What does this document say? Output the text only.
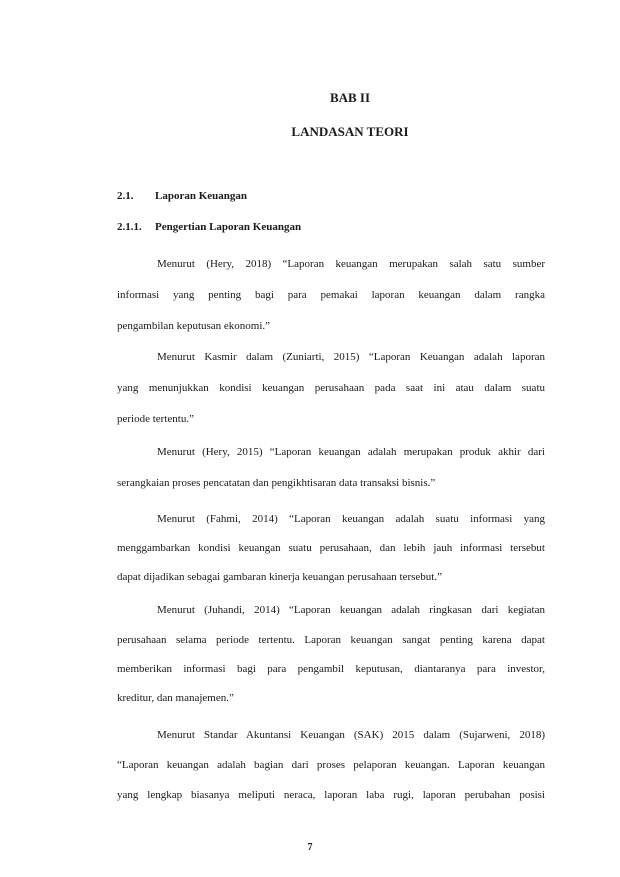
BAB II
LANDASAN TEORI
2.1. Laporan Keuangan
2.1.1. Pengertian Laporan Keuangan
Menurut (Hery, 2018) “Laporan keuangan merupakan salah satu sumber
informasi yang penting bagi para pemakai laporan keuangan dalam rangka
pengambilan keputusan ekonomi.”
Menurut Kasmir dalam (Zuniarti, 2015) “Laporan Keuangan adalah laporan
yang menunjukkan kondisi keuangan perusahaan pada saat ini atau dalam suatu
periode tertentu.”
Menurut (Hery, 2015) “Laporan keuangan adalah merupakan produk akhir dari
serangkaian proses pencatatan dan pengikhtisaran data transaksi bisnis.”
Menurut (Fahmi, 2014) “Laporan keuangan adalah suatu informasi yang
menggambarkan kondisi keuangan suatu perusahaan, dan lebih jauh informasi tersebut
dapat dijadikan sebagai gambaran kinerja keuangan perusahaan tersebut.”
Menurut (Juhandi, 2014) “Laporan keuangan adalah ringkasan dari kegiatan
perusahaan selama periode tertentu. Laporan keuangan sangat penting karena dapat
memberikan informasi bagi para pengambil keputusan, diantaranya para investor,
kreditur, dan manajemen.”
Menurut Standar Akuntansi Keuangan (SAK) 2015 dalam (Sujarweni, 2018)
“Laporan keuangan adalah bagian dari proses pelaporan keuangan. Laporan keuangan
yang lengkap biasanya meliputi neraca, laporan laba rugi, laporan perubahan posisi
7
